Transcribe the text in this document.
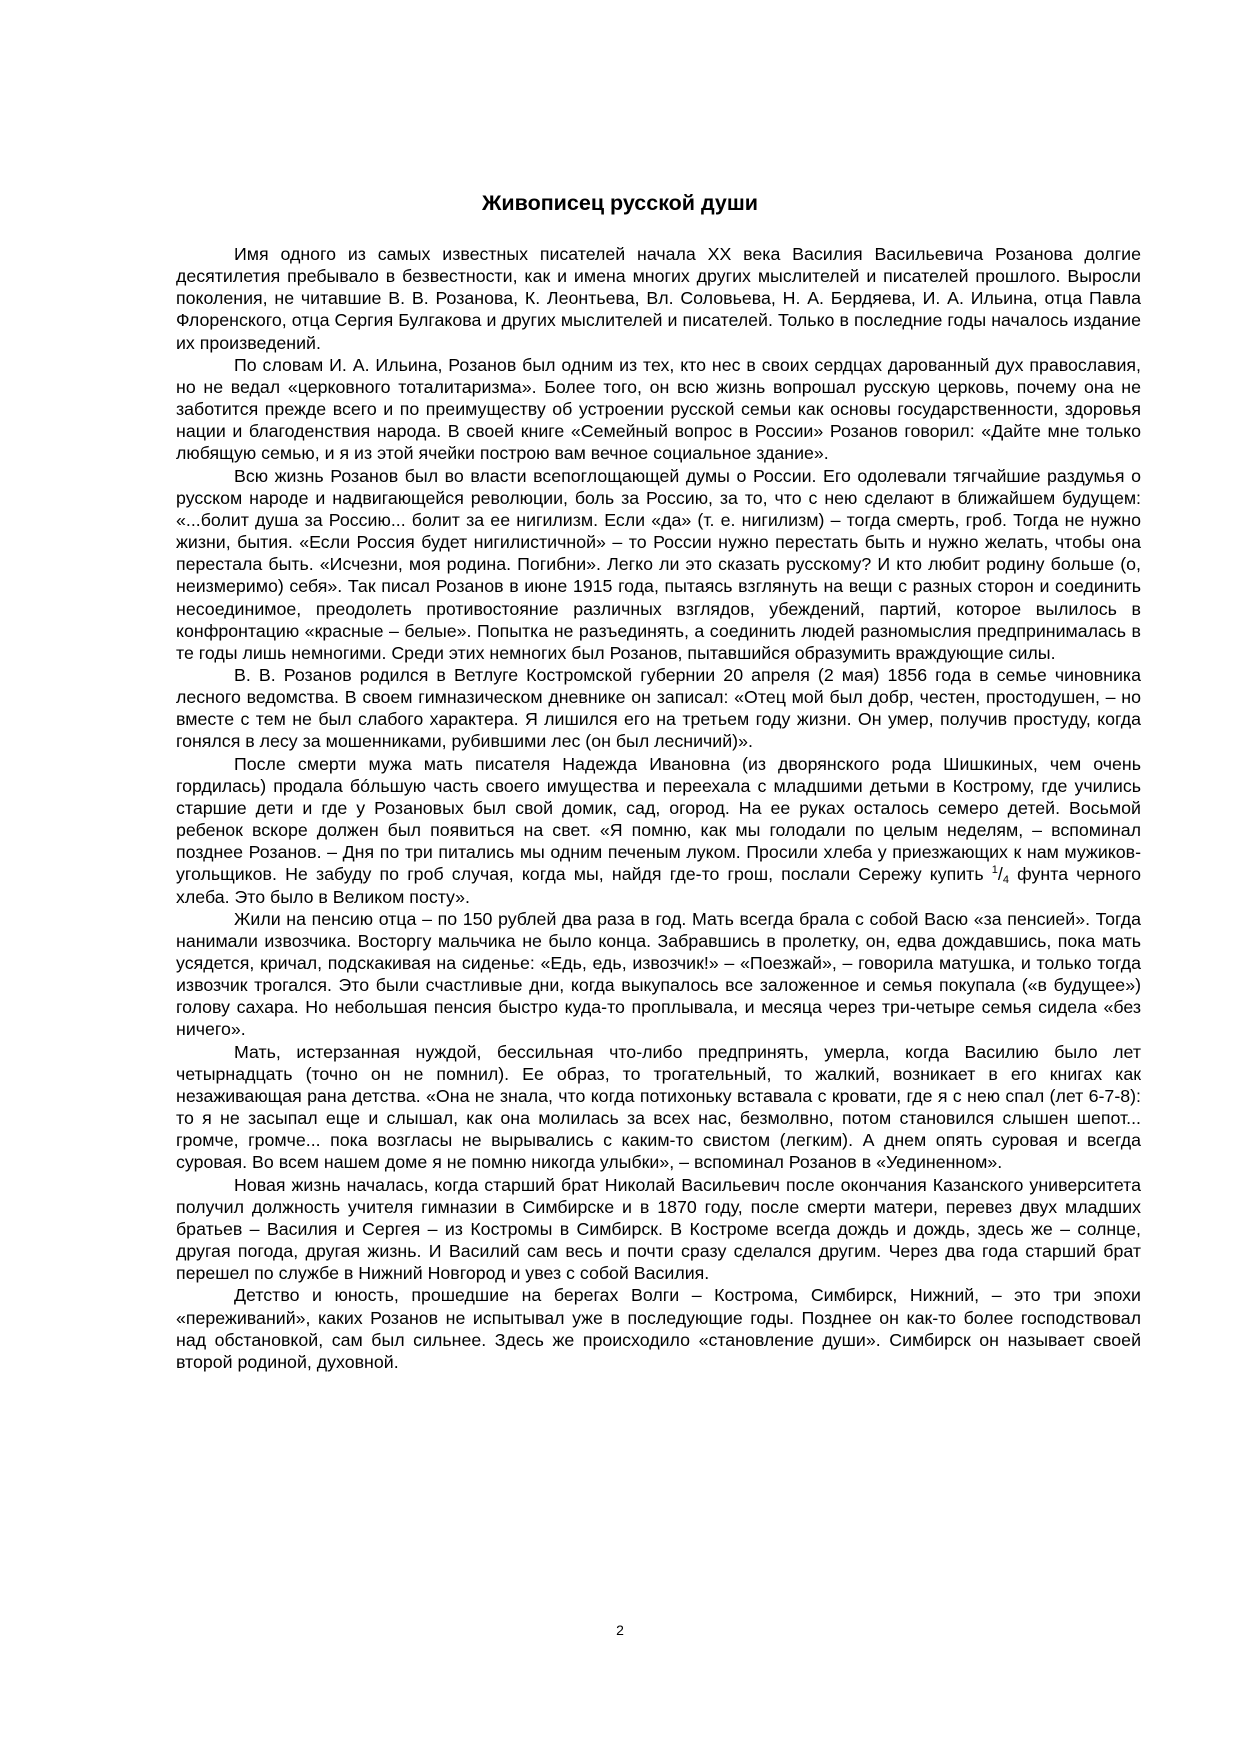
Живописец русской души

Имя одного из самых известных писателей начала XX века Василия Васильевича Розанова долгие десятилетия пребывало в безвестности, как и имена многих других мыслителей и писателей прошлого. Выросли поколения, не читавшие В. В. Розанова, К. Леонтьева, Вл. Соловьева, Н. А. Бердяева, И. А. Ильина, отца Павла Флоренского, отца Сергия Булгакова и других мыслителей и писателей. Только в последние годы началось издание их произведений.

По словам И. А. Ильина, Розанов был одним из тех, кто нес в своих сердцах дарованный дух православия, но не ведал «церковного тоталитаризма». Более того, он всю жизнь вопрошал русскую церковь, почему она не заботится прежде всего и по преимуществу об устроении русской семьи как основы государственности, здоровья нации и благоденствия народа. В своей книге «Семейный вопрос в России» Розанов говорил: «Дайте мне только любящую семью, и я из этой ячейки построю вам вечное социальное здание».

Всю жизнь Розанов был во власти всепоглощающей думы о России. Его одолевали тягчайшие раздумья о русском народе и надвигающейся революции, боль за Россию, за то, что с нею сделают в ближайшем будущем: «...болит душа за Россию... болит за ее нигилизм. Если «да» (т. е. нигилизм) – тогда смерть, гроб. Тогда не нужно жизни, бытия. «Если Россия будет нигилистичной» – то России нужно перестать быть и нужно желать, чтобы она перестала быть. «Исчезни, моя родина. Погибни». Легко ли это сказать русскому? И кто любит родину больше (о, неизмеримо) себя». Так писал Розанов в июне 1915 года, пытаясь взглянуть на вещи с разных сторон и соединить несоединимое, преодолеть противостояние различных взглядов, убеждений, партий, которое вылилось в конфронтацию «красные – белые». Попытка не разъединять, а соединить людей разномыслия предпринималась в те годы лишь немногими. Среди этих немногих был Розанов, пытавшийся образумить враждующие силы.

В. В. Розанов родился в Ветлуге Костромской губернии 20 апреля (2 мая) 1856 года в семье чиновника лесного ведомства. В своем гимназическом дневнике он записал: «Отец мой был добр, честен, простодушен, – но вместе с тем не был слабого характера. Я лишился его на третьем году жизни. Он умер, получив простуду, когда гонялся в лесу за мошенниками, рубившими лес (он был лесничий)».

После смерти мужа мать писателя Надежда Ивановна (из дворянского рода Шишкиных, чем очень гордилась) продала бóльшую часть своего имущества и переехала с младшими детьми в Кострому, где учились старшие дети и где у Розановых был свой домик, сад, огород. На ее руках осталось семеро детей. Восьмой ребенок вскоре должен был появиться на свет. «Я помню, как мы голодали по целым неделям, – вспоминал позднее Розанов. – Дня по три питались мы одним печеным луком. Просили хлеба у приезжающих к нам мужиков-угольщиков. Не забуду по гроб случая, когда мы, найдя где-то грош, послали Сережу купить $^1/_4$ фунта черного хлеба. Это было в Великом посту».

Жили на пенсию отца – по 150 рублей два раза в год. Мать всегда брала с собой Васю «за пенсией». Тогда нанимали извозчика. Восторгу мальчика не было конца. Забравшись в пролетку, он, едва дождавшись, пока мать усядется, кричал, подскакивая на сиденье: «Едь, едь, извозчик!» – «Поезжай», – говорила матушка, и только тогда извозчик трогался. Это были счастливые дни, когда выкупалось все заложенное и семья покупала («в будущее») голову сахара. Но небольшая пенсия быстро куда-то проплывала, и месяца через три-четыре семья сидела «без ничего».

Мать, истерзанная нуждой, бессильная что-либо предпринять, умерла, когда Василию было лет четырнадцать (точно он не помнил). Ее образ, то трогательный, то жалкий, возникает в его книгах как незаживающая рана детства. «Она не знала, что когда потихоньку вставала с кровати, где я с нею спал (лет 6-7-8): то я не засыпал еще и слышал, как она молилась за всех нас, безмолвно, потом становился слышен шепот... громче, громче... пока возгласы не вырывались с каким-то свистом (легким). А днем опять суровая и всегда суровая. Во всем нашем доме я не помню никогда улыбки», – вспоминал Розанов в «Уединенном».

Новая жизнь началась, когда старший брат Николай Васильевич после окончания Казанского университета получил должность учителя гимназии в Симбирске и в 1870 году, после смерти матери, перевез двух младших братьев – Василия и Сергея – из Костромы в Симбирск. В Костроме всегда дождь и дождь, здесь же – солнце, другая погода, другая жизнь. И Василий сам весь и почти сразу сделался другим. Через два года старший брат перешел по службе в Нижний Новгород и увез с собой Василия.

Детство и юность, прошедшие на берегах Волги – Кострома, Симбирск, Нижний, – это три эпохи «переживаний», каких Розанов не испытывал уже в последующие годы. Позднее он как-то более господствовал над обстановкой, сам был сильнее. Здесь же происходило «становление души». Симбирск он называет своей второй родиной, духовной.

2
